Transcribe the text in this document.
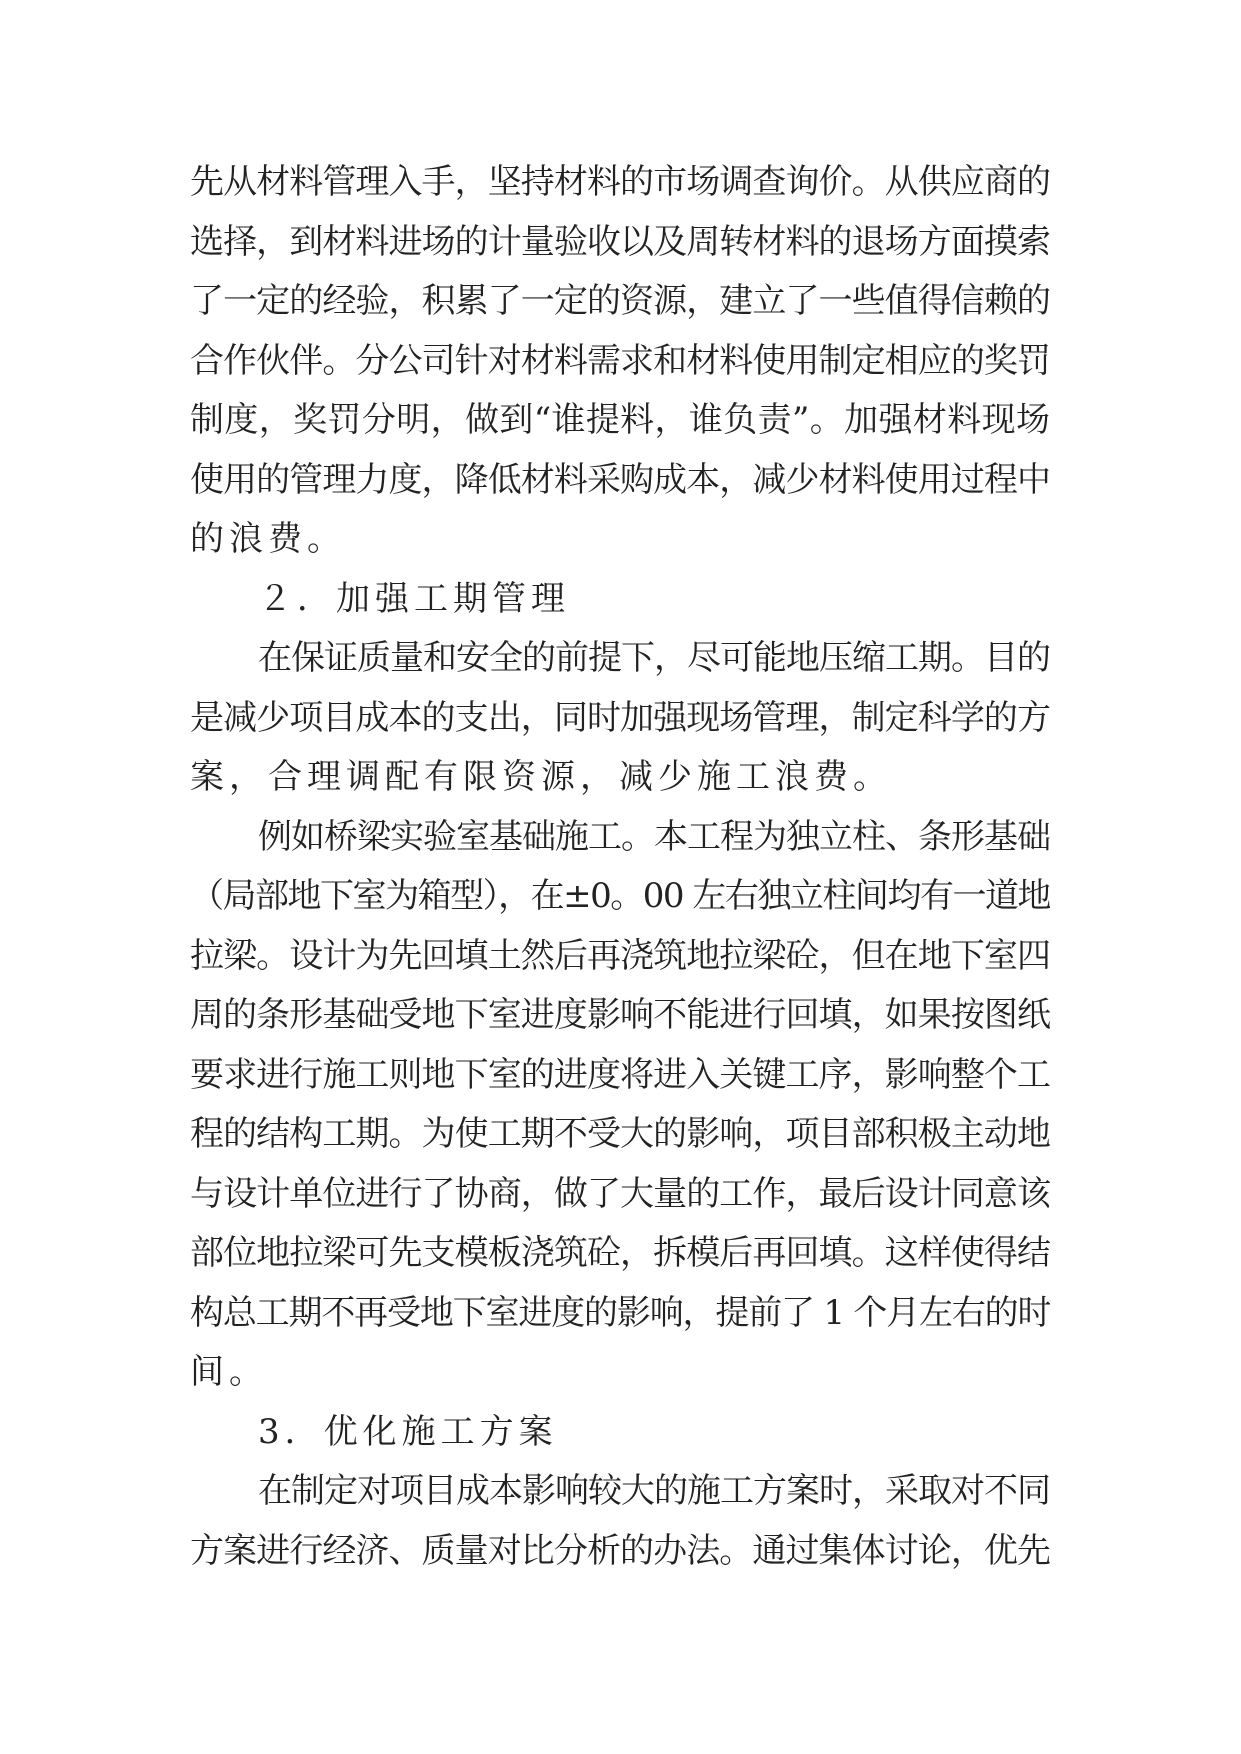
先从材料管理入手，坚持材料的市场调查询价。从供应商的
选择，到材料进场的计量验收以及周转材料的退场方面摸索
了一定的经验，积累了一定的资源，建立了一些值得信赖的
合作伙伴。分公司针对材料需求和材料使用制定相应的奖罚
制度，奖罚分明，做到“谁提料，谁负责”。加强材料现场
使用的管理力度，降低材料采购成本，减少材料使用过程中
的浪费。
２．加强工期管理
在保证质量和安全的前提下，尽可能地压缩工期。目的
是减少项目成本的支出，同时加强现场管理，制定科学的方
案，合理调配有限资源，减少施工浪费。
例如桥梁实验室基础施工。本工程为独立柱、条形基础
（局部地下室为箱型），在±0。00 左右独立柱间均有一道地
拉梁。设计为先回填土然后再浇筑地拉梁砼，但在地下室四
周的条形基础受地下室进度影响不能进行回填，如果按图纸
要求进行施工则地下室的进度将进入关键工序，影响整个工
程的结构工期。为使工期不受大的影响，项目部积极主动地
与设计单位进行了协商，做了大量的工作，最后设计同意该
部位地拉梁可先支模板浇筑砼，拆模后再回填。这样使得结
构总工期不再受地下室进度的影响，提前了 1 个月左右的时
间。
3．优化施工方案
在制定对项目成本影响较大的施工方案时，采取对不同
方案进行经济、质量对比分析的办法。通过集体讨论，优先
